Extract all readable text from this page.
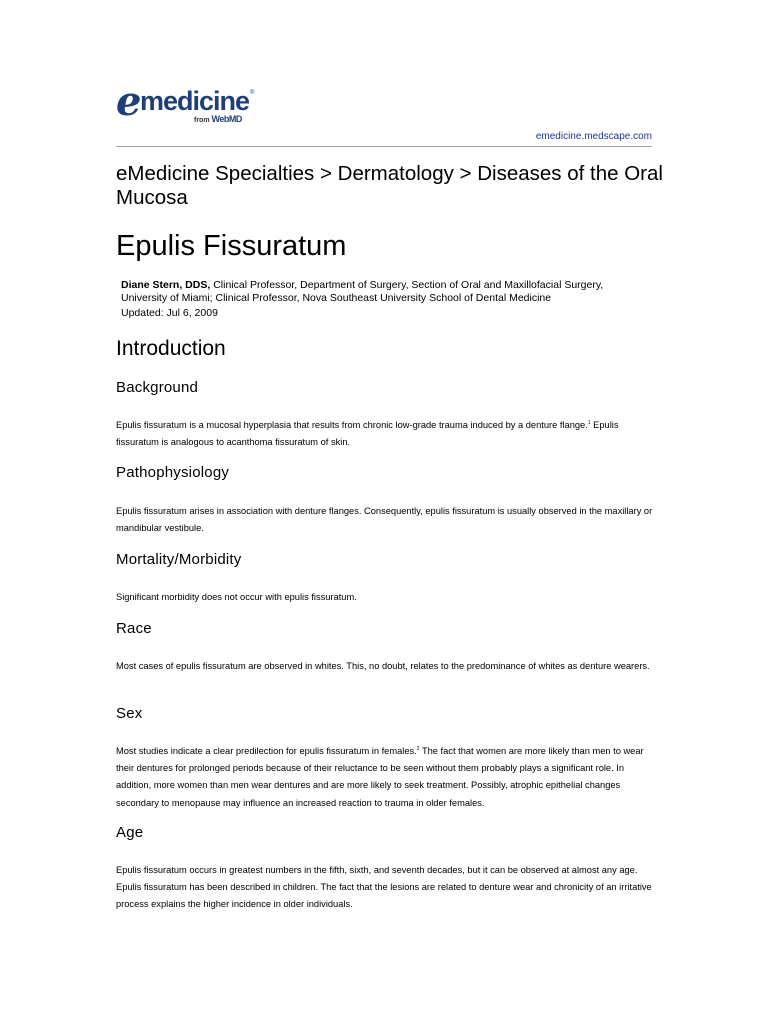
e
medicine ®
from WebMD
emedicine.medscape.com
eMedicine Specialties > Dermatology > Diseases of the Oral Mucosa
Epulis Fissuratum
Diane Stern, DDS, Clinical Professor, Department of Surgery, Section of Oral and Maxillofacial Surgery, University of Miami; Clinical Professor, Nova Southeast University School of Dental Medicine
Updated: Jul 6, 2009
Introduction
Background

Epulis fissuratum is a mucosal hyperplasia that results from chronic low-grade trauma induced by a denture flange.$^1$ Epulis fissuratum is analogous to acanthoma fissuratum of skin.

Pathophysiology

Epulis fissuratum arises in association with denture flanges. Consequently, epulis fissuratum is usually observed in the maxillary or mandibular vestibule.

Mortality/Morbidity

Significant morbidity does not occur with epulis fissuratum.

Race

Most cases of epulis fissuratum are observed in whites. This, no doubt, relates to the predominance of whites as denture wearers.

Sex

Most studies indicate a clear predilection for epulis fissuratum in females.$^2$ The fact that women are more likely than men to wear their dentures for prolonged periods because of their reluctance to be seen without them probably plays a significant role. In addition, more women than men wear dentures and are more likely to seek treatment. Possibly, atrophic epithelial changes secondary to menopause may influence an increased reaction to trauma in older females.

Age

Epulis fissuratum occurs in greatest numbers in the fifth, sixth, and seventh decades, but it can be observed at almost any age. Epulis fissuratum has been described in children. The fact that the lesions are related to denture wear and chronicity of an irritative process explains the higher incidence in older individuals.
